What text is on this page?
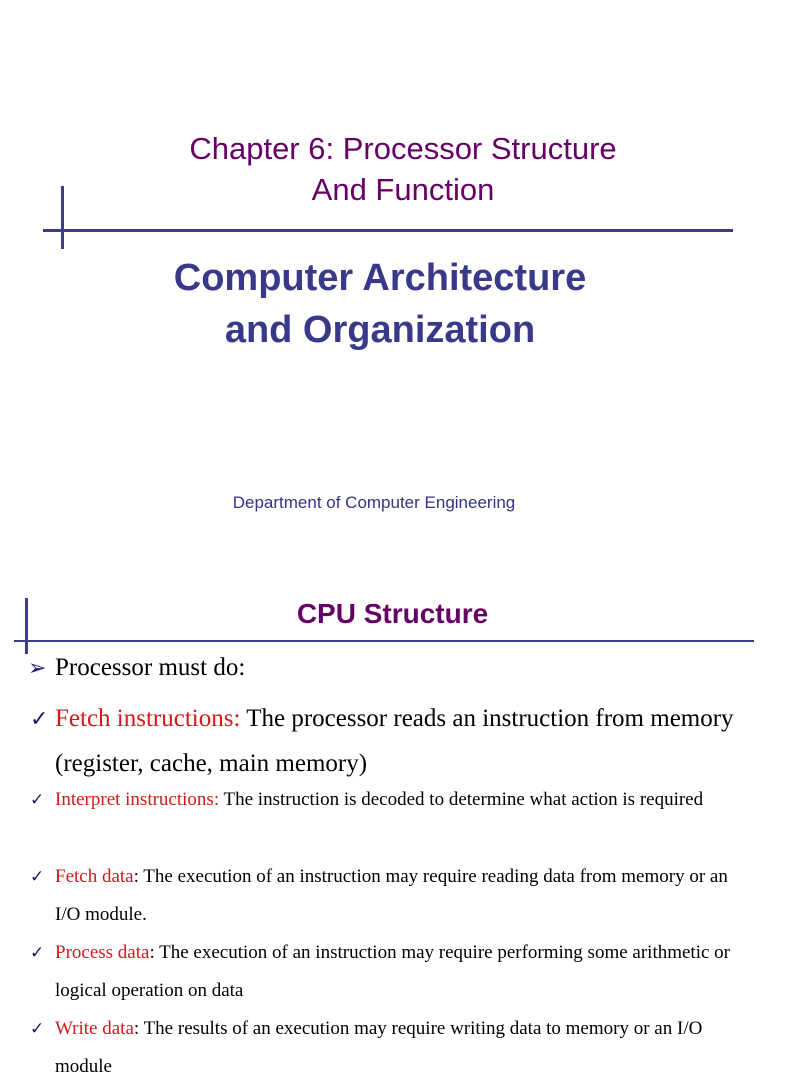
Chapter 6: Processor Structure
And Function
Computer Architecture
and Organization
Department of Computer Engineering
CPU Structure
➢ Processor must do:
✓ Fetch instructions: The processor reads an instruction from memory (register, cache, main memory)
✓ Interpret instructions: The instruction is decoded to determine what action is required
✓ Fetch data: The execution of an instruction may require reading data from memory or an I/O module.
✓ Process data: The execution of an instruction may require performing some arithmetic or logical operation on data
✓ Write data: The results of an execution may require writing data to memory or an I/O module
